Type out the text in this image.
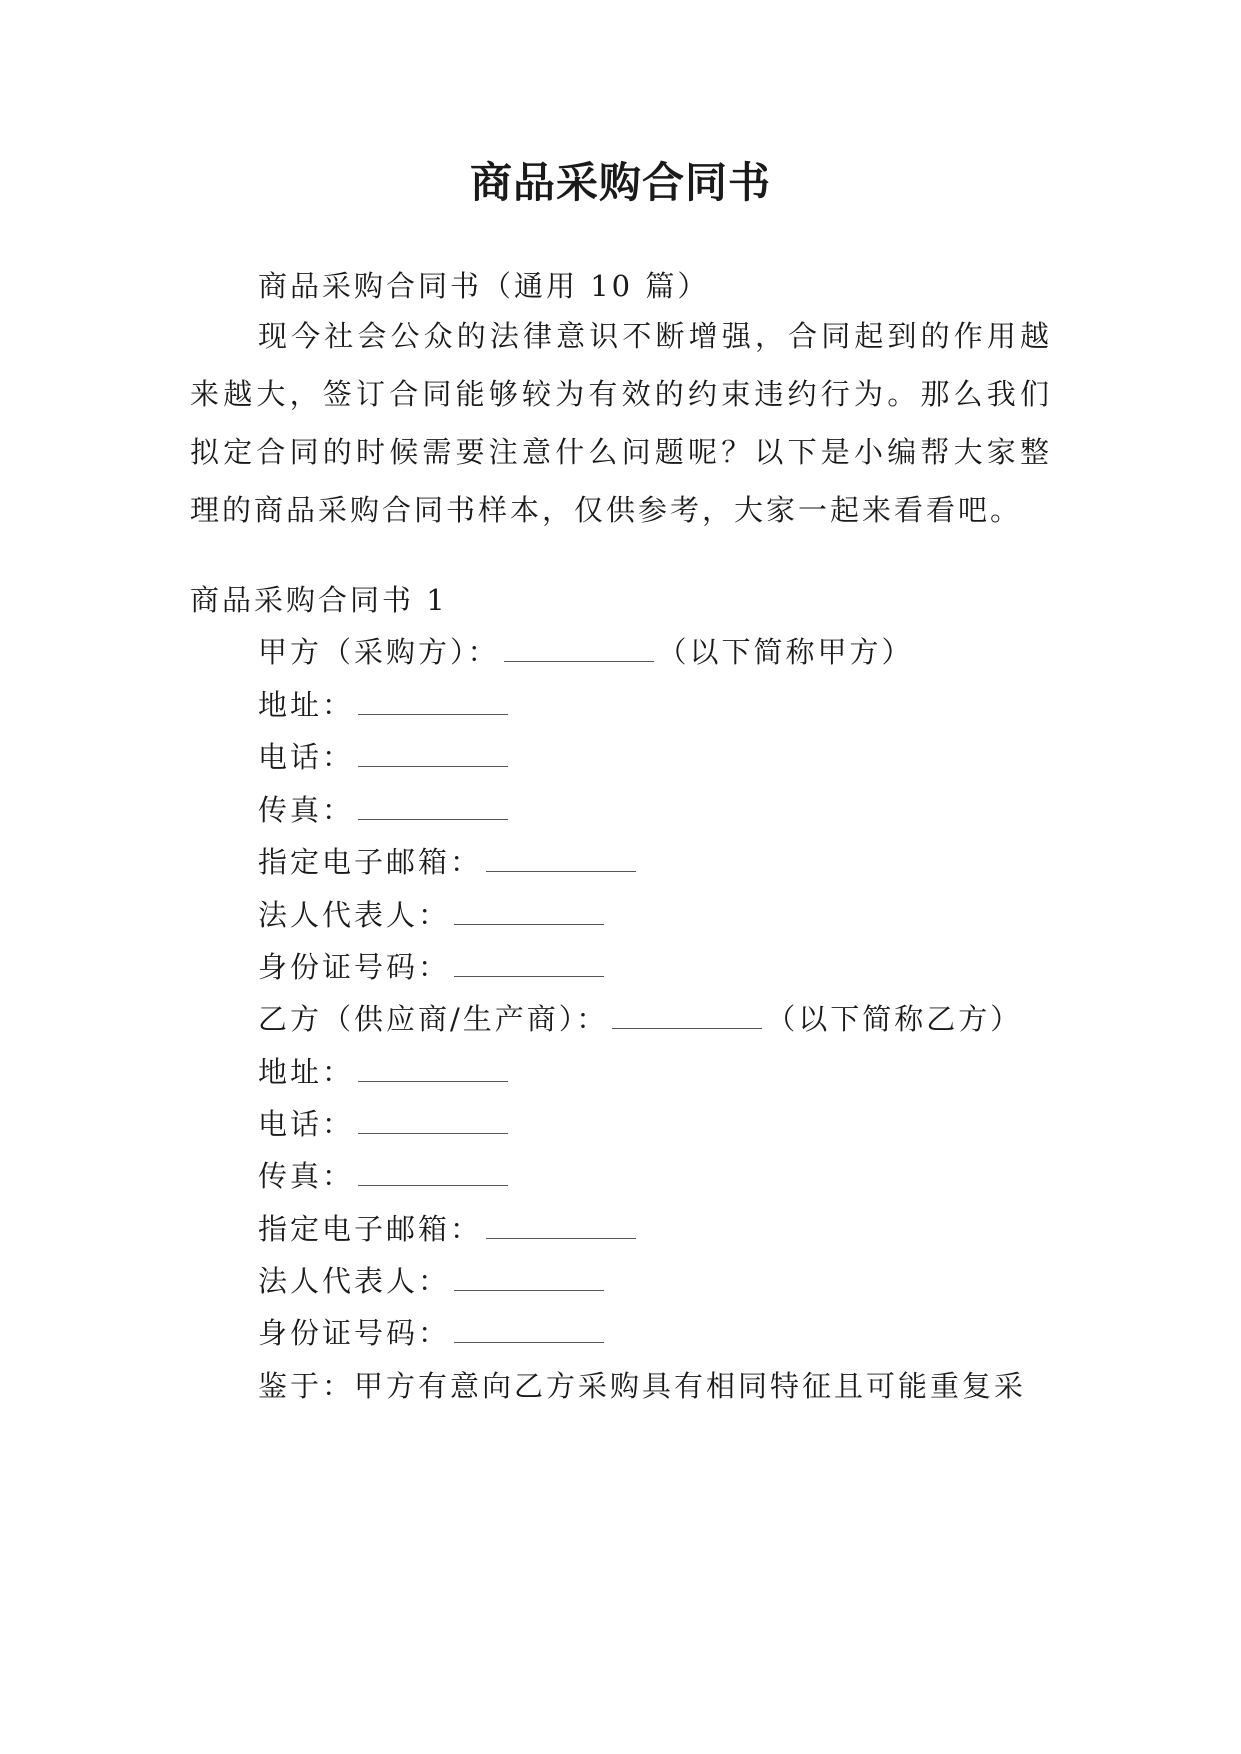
商品采购合同书

商品采购合同书（通用 10 篇）

现今社会公众的法律意识不断增强，合同起到的作用越来越大，签订合同能够较为有效的约束违约行为。那么我们拟定合同的时候需要注意什么问题呢？以下是小编帮大家整理的商品采购合同书样本，仅供参考，大家一起来看看吧。

商品采购合同书 1

甲方（采购方）：	（以下简称甲方）

地址：

电话：

传真：

指定电子邮箱：

法人代表人：

身份证号码：

乙方（供应商/生产商）：	（以下简称乙方）

地址：

电话：

传真：

指定电子邮箱：

法人代表人：

身份证号码：

鉴于：甲方有意向乙方采购具有相同特征且可能重复采
